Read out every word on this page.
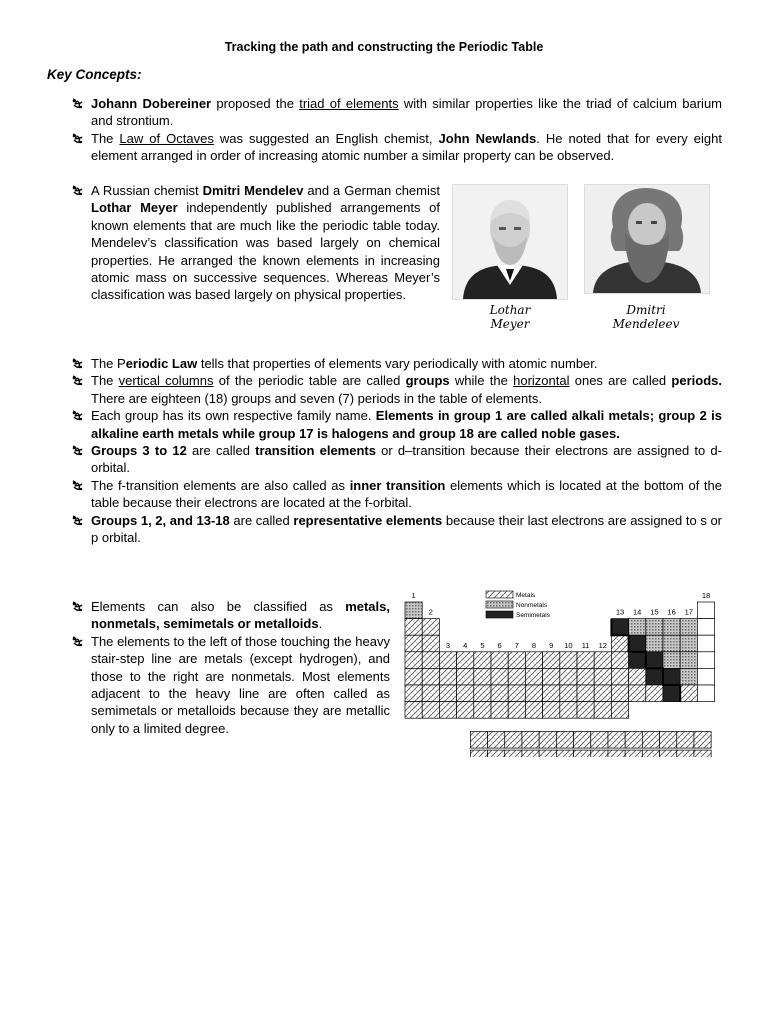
Tracking the path and constructing the Periodic Table
Key Concepts:
Johann Dobereiner proposed the triad of elements with similar properties like the triad of calcium barium and strontium.
The Law of Octaves was suggested an English chemist, John Newlands. He noted that for every eight element arranged in order of increasing atomic number a similar property can be observed.
A Russian chemist Dmitri Mendelev and a German chemist Lothar Meyer independently published arrangements of known elements that are much like the periodic table today. Mendelev’s classification was based largely on chemical properties. He arranged the known elements in increasing atomic mass on successive sequences. Whereas Meyer’s classification was based largely on physical properties.
Lothar
Meyer
Dmitri
Mendeleev
The Periodic Law tells that properties of elements vary periodically with atomic number.
The vertical columns of the periodic table are called groups while the horizontal ones are called periods. There are eighteen (18) groups and seven (7) periods in the table of elements.
Each group has its own respective family name. Elements in group 1 are called alkali metals; group 2 is alkaline earth metals while group 17 is halogens and group 18 are called noble gases.
Groups 3 to 12 are called transition elements or d–transition because their electrons are assigned to d-orbital.
The f-transition elements are also called as inner transition elements which is located at the bottom of the table because their electrons are located at the f-orbital.
Groups 1, 2, and 13-18 are called representative elements because their last electrons are assigned to s or p orbital.
Elements can also be classified as metals, nonmetals, semimetals or metalloids.
The elements to the left of those touching the heavy stair-step line are metals (except hydrogen), and those to the right are nonmetals. Most elements adjacent to the heavy line are often called as semimetals or metalloids because they are metallic only to a limited degree.
1
2
3 4 5 6 7 8 9 10 11 12
13 14 15 16 17
18
Metals
Nonmetals
Semimetals
